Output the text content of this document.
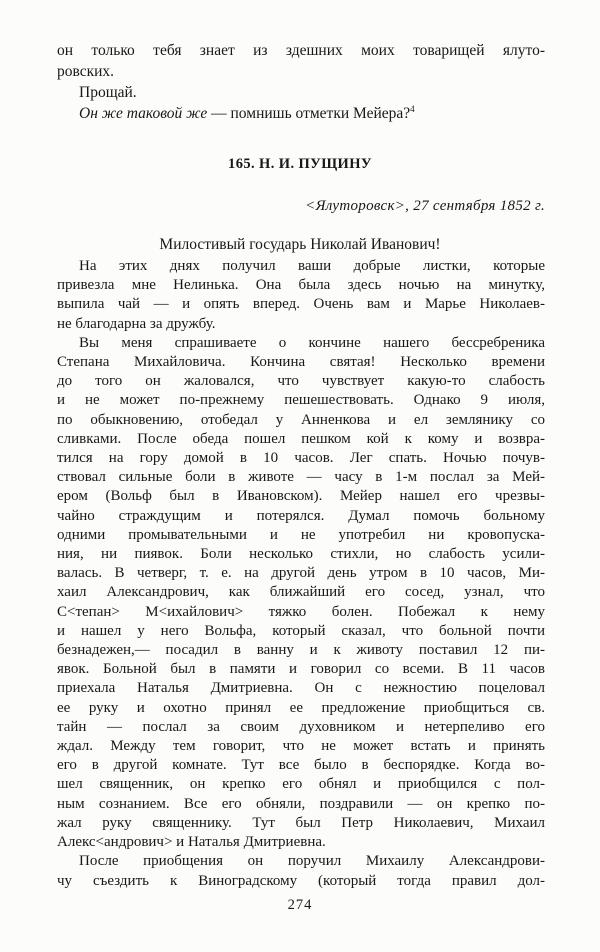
он только тебя знает из здешних моих товарищей ялуто-
ровских.
Прощай.
Он же таковой же — помнишь отметки Мейера?$^4$
165. Н. И. ПУЩИНУ
<Ялуторовск>, 27 сентября 1852 г.
Милостивый государь Николай Иванович!
На этих днях получил ваши добрые листки, которые
привезла мне Нелинька. Она была здесь ночью на минутку,
выпила чай — и опять вперед. Очень вам и Марье Николаев-
не благодарна за дружбу.
Вы меня спрашиваете о кончине нашего бессребреника
Степана Михайловича. Кончина святая! Несколько времени
до того он жаловался, что чувствует какую-то слабость
и не может по-прежнему пешешествовать. Однако 9 июля,
по обыкновению, отобедал у Анненкова и ел землянику со
сливками. После обеда пошел пешком кой к кому и возвра-
тился на гору домой в 10 часов. Лег спать. Ночью почув-
ствовал сильные боли в животе — часу в 1-м послал за Мей-
ером (Вольф был в Ивановском). Мейер нашел его чрезвы-
чайно страждущим и потерялся. Думал помочь больному
одними промывательными и не употребил ни кровопуска-
ния, ни пиявок. Боли несколько стихли, но слабость усили-
валась. В четверг, т. е. на другой день утром в 10 часов, Ми-
хаил Александрович, как ближайший его сосед, узнал, что
С<тепан> М<ихайлович> тяжко болен. Побежал к нему
и нашел у него Вольфа, который сказал, что больной почти
безнадежен,— посадил в ванну и к животу поставил 12 пи-
явок. Больной был в памяти и говорил со всеми. В 11 часов
приехала Наталья Дмитриевна. Он с нежностию поцеловал
ее руку и охотно принял ее предложение приобщиться св.
тайн — послал за своим духовником и нетерпеливо его
ждал. Между тем говорит, что не может встать и принять
его в другой комнате. Тут все было в беспорядке. Когда во-
шел священник, он крепко его обнял и приобщился с пол-
ным сознанием. Все его обняли, поздравили — он крепко по-
жал руку священнику. Тут был Петр Николаевич, Михаил
Алекс<андрович> и Наталья Дмитриевна.
После приобщения он поручил Михаилу Александрови-
чу съездить к Виноградскому (который тогда правил дол-
274
